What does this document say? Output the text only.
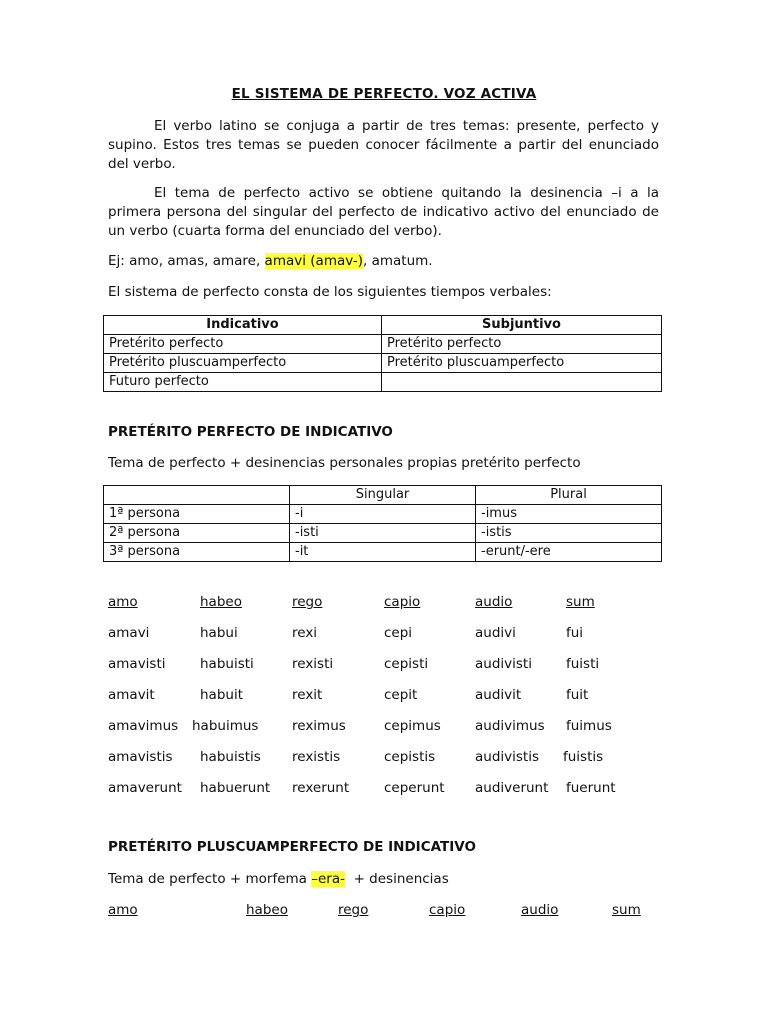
EL SISTEMA DE PERFECTO. VOZ ACTIVA

El verbo latino se conjuga a partir de tres temas: presente, perfecto y supino. Estos tres temas se pueden conocer fácilmente a partir del enunciado del verbo.

El tema de perfecto activo se obtiene quitando la desinencia –i a la primera persona del singular del perfecto de indicativo activo del enunciado de un verbo (cuarta forma del enunciado del verbo).

Ej: amo, amas, amare, amavi (amav-), amatum.
El sistema de perfecto consta de los siguientes tiempos verbales:
Indicativo	Subjuntivo
Pretérito perfecto	Pretérito perfecto
Pretérito pluscuamperfecto	Pretérito pluscuamperfecto
Futuro perfecto	
PRETÉRITO PERFECTO DE INDICATIVO
Tema de perfecto + desinencias personales propias pretérito perfecto
	Singular	Plural
1ª persona	-i	-imus
2ª persona	-isti	-istis
3ª persona	-it	-erunt/-ere
amo	habeo	rego	capio	audio	sum
amavi	habui	rexi	cepi	audivi	fui
amavisti	habuisti	rexisti	cepisti	audivisti	fuisti
amavit	habuit	rexit	cepit	audivit	fuit
amavimus habuimus reximus	cepimus	audivimus fuimus
amavistis habuistis rexistis	cepistis	audivistis fuistis
amaverunt habuerunt rexerunt	ceperunt audiverunt fuerunt
PRETÉRITO PLUSCUAMPERFECTO DE INDICATIVO
Tema de perfecto + morfema –era-  + desinencias
amo	habeo	rego	capio	audio	sum
